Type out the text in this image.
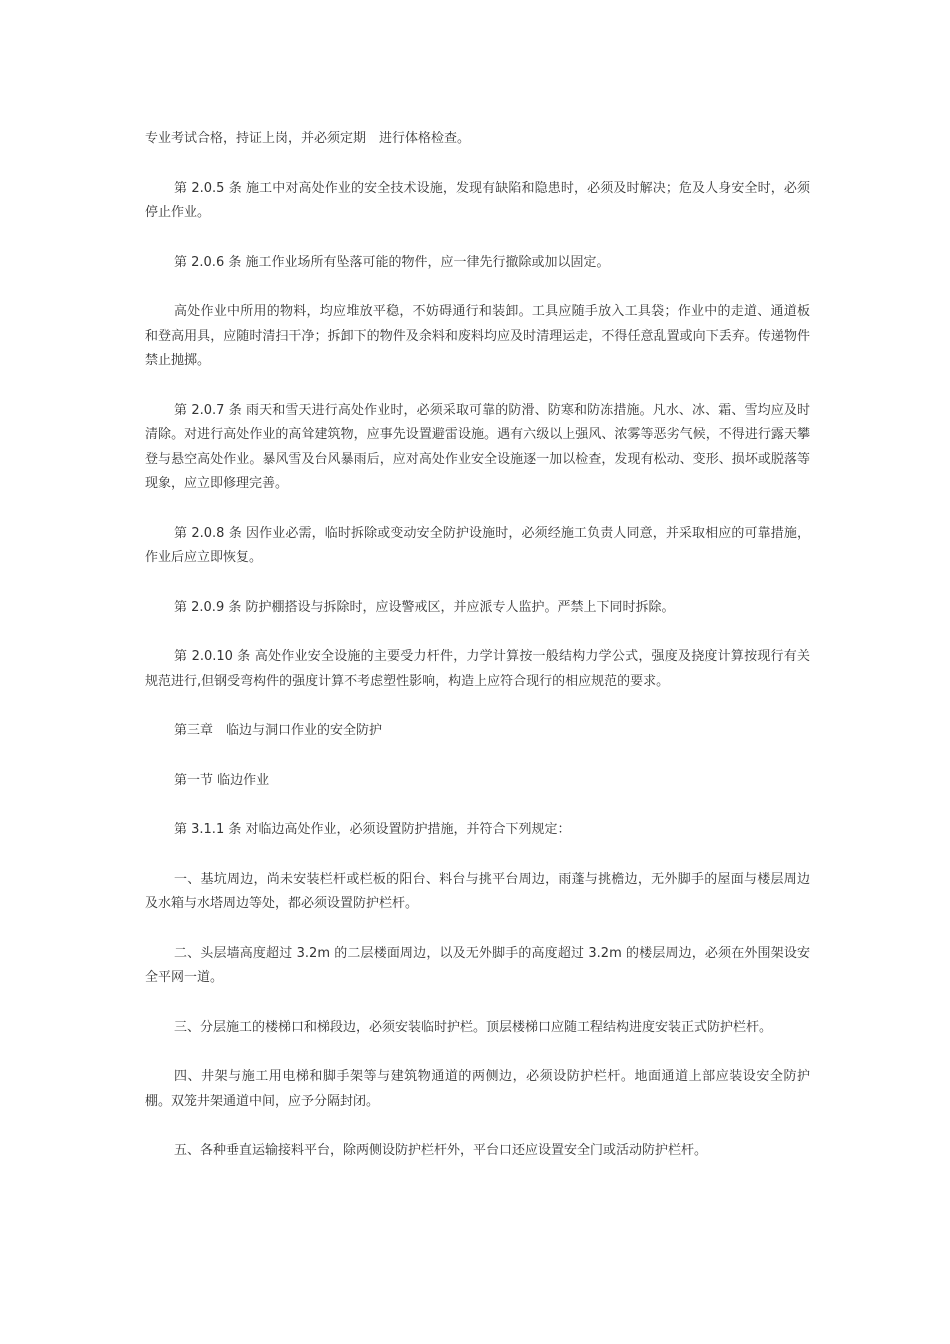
专业考试合格，持证上岗，并必须定期　进行体格检查。

第 2.0.5 条 施工中对高处作业的安全技术设施，发现有缺陷和隐患时，必须及时解决；危及人身安全时，必须停止作业。

第 2.0.6 条 施工作业场所有坠落可能的物件，应一律先行撤除或加以固定。

高处作业中所用的物料，均应堆放平稳，不妨碍通行和装卸。工具应随手放入工具袋；作业中的走道、通道板和登高用具，应随时清扫干净；拆卸下的物件及余料和废料均应及时清理运走，不得任意乱置或向下丢弃。传递物件禁止抛掷。

第 2.0.7 条 雨天和雪天进行高处作业时，必须采取可靠的防滑、防寒和防冻措施。凡水、冰、霜、雪均应及时清除。对进行高处作业的高耸建筑物，应事先设置避雷设施。遇有六级以上强风、浓雾等恶劣气候，不得进行露天攀登与悬空高处作业。暴风雪及台风暴雨后，应对高处作业安全设施逐一加以检查，发现有松动、变形、损坏或脱落等现象，应立即修理完善。

第 2.0.8 条 因作业必需，临时拆除或变动安全防护设施时，必须经施工负责人同意，并采取相应的可靠措施，作业后应立即恢复。

第 2.0.9 条 防护棚搭设与拆除时，应设警戒区，并应派专人监护。严禁上下同时拆除。

第 2.0.10 条 高处作业安全设施的主要受力杆件，力学计算按一般结构力学公式，强度及挠度计算按现行有关规范进行,但钢受弯构件的强度计算不考虑塑性影响，构造上应符合现行的相应规范的要求。

第三章　临边与洞口作业的安全防护

第一节 临边作业

第 3.1.1 条 对临边高处作业，必须设置防护措施，并符合下列规定：

一、基坑周边，尚未安装栏杆或栏板的阳台、料台与挑平台周边，雨蓬与挑檐边，无外脚手的屋面与楼层周边及水箱与水塔周边等处，都必须设置防护栏杆。

二、头层墙高度超过 3.2m 的二层楼面周边，以及无外脚手的高度超过 3.2m 的楼层周边，必须在外围架设安全平网一道。

三、分层施工的楼梯口和梯段边，必须安装临时护栏。顶层楼梯口应随工程结构进度安装正式防护栏杆。

四、井架与施工用电梯和脚手架等与建筑物通道的两侧边，必须设防护栏杆。地面通道上部应装设安全防护棚。双笼井架通道中间，应予分隔封闭。

五、各种垂直运输接料平台，除两侧设防护栏杆外，平台口还应设置安全门或活动防护栏杆。
